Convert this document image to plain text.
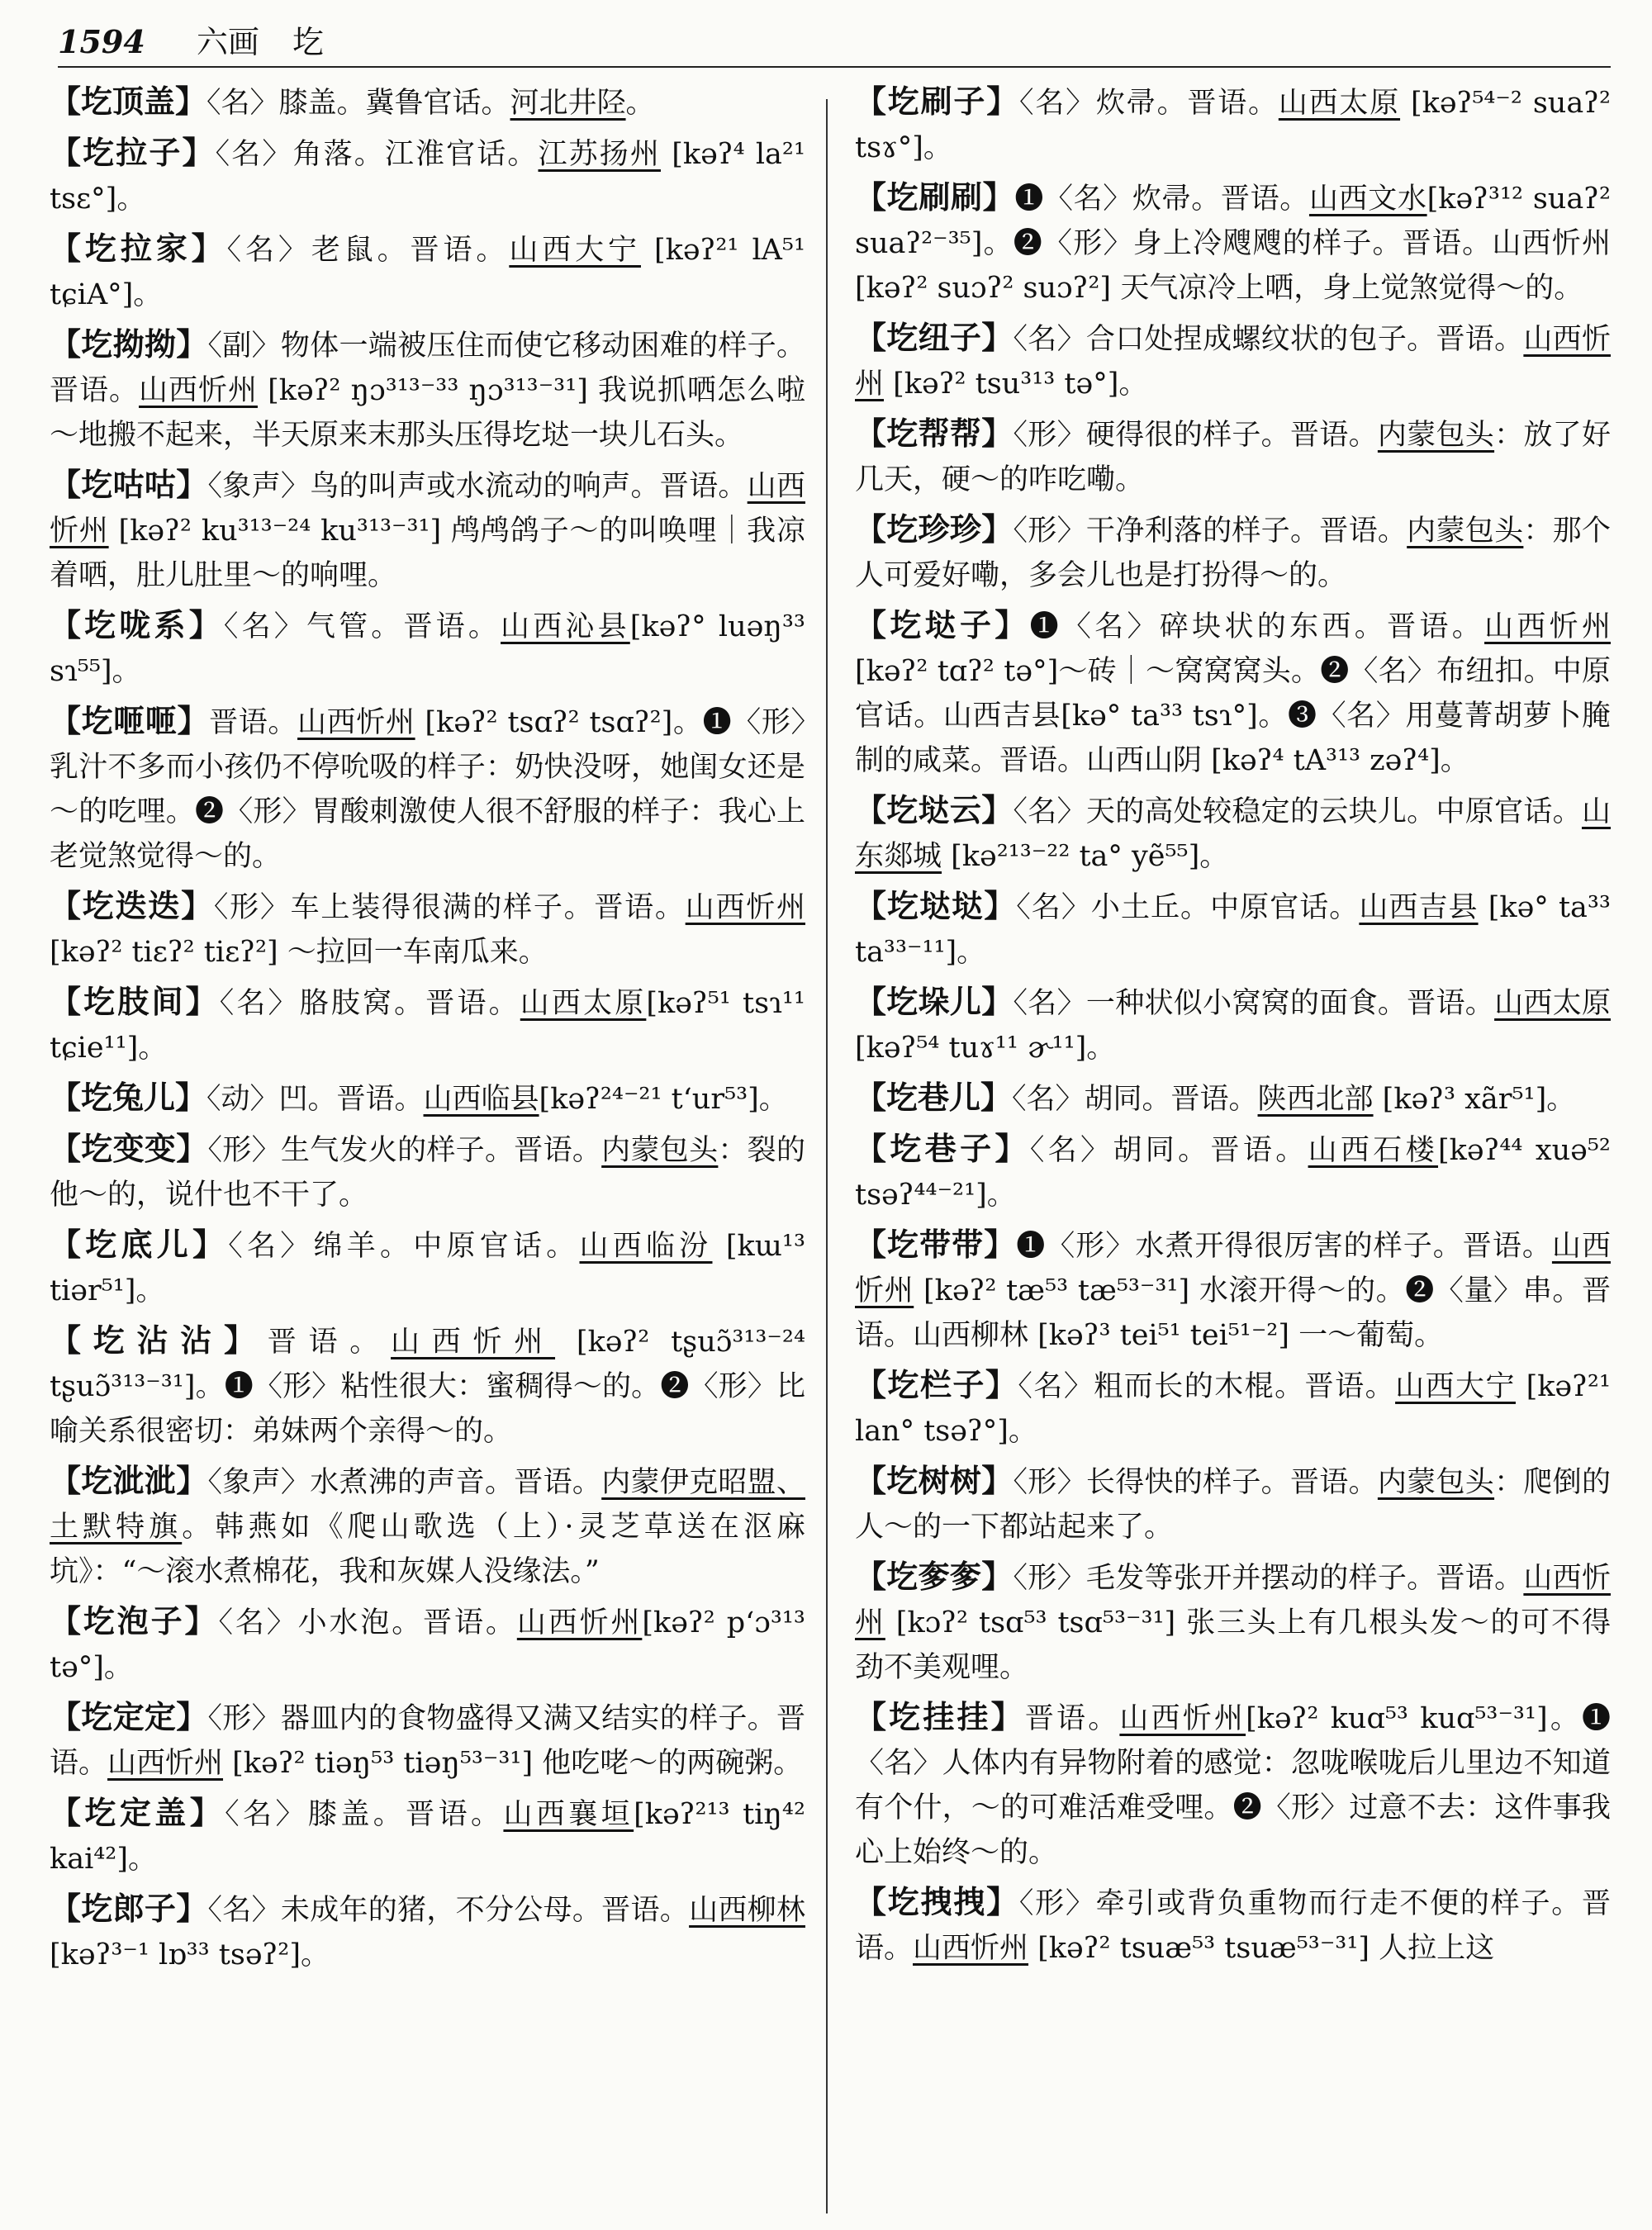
1594 六画 圪

【圪顶盖】〈名〉膝盖。冀鲁官话。河北井陉。

【圪拉子】〈名〉角落。江淮官话。江苏扬州 [kəʔ⁴ la²¹ tsɛ°]。

【圪拉家】〈名〉老鼠。晋语。山西大宁 [kəʔ²¹ lA⁵¹ tɕiA°]。

【圪拗拗】〈副〉物体一端被压住而使它移动困难的样子。晋语。山西忻州 [kəʔ² ŋɔ³¹³⁻³³ ŋɔ³¹³⁻³¹] 我说抓哂怎么啦～地搬不起来，半天原来末那头压得圪垯一块儿石头。

【圪咕咕】〈象声〉鸟的叫声或水流动的响声。晋语。山西忻州 [kəʔ² ku³¹³⁻²⁴ ku³¹³⁻³¹] 鸬鸬鸽子～的叫唤哩｜我凉着哂，肚儿肚里～的响哩。

【圪咙系】〈名〉气管。晋语。山西沁县[kəʔ° luəŋ³³ sɿ⁵⁵]。

【圪咂咂】晋语。山西忻州 [kəʔ² tsɑʔ² tsɑʔ²]。❶〈形〉乳汁不多而小孩仍不停吮吸的样子：奶快没呀，她闺女还是～的吃哩。❷〈形〉胃酸刺激使人很不舒服的样子：我心上老觉煞觉得～的。

【圪迭迭】〈形〉车上装得很满的样子。晋语。山西忻州 [kəʔ² tiɛʔ² tiɛʔ²] ～拉回一车南瓜来。

【圪肢间】〈名〉胳肢窝。晋语。山西太原[kəʔ⁵¹ tsɿ¹¹ tɕie¹¹]。

【圪兔儿】〈动〉凹。晋语。山西临县[kəʔ²⁴⁻²¹ tʻur⁵³]。

【圪变变】〈形〉生气发火的样子。晋语。内蒙包头：裂的他～的，说什也不干了。

【圪底儿】〈名〉绵羊。中原官话。山西临汾 [kɯ¹³ tiər⁵¹]。

【圪沾沾】晋语。山西忻州 [kəʔ² tʂuɔ̃³¹³⁻²⁴ tʂuɔ̃³¹³⁻³¹]。❶〈形〉粘性很大：蜜稠得～的。❷〈形〉比喻关系很密切：弟妹两个亲得～的。

【圪泚泚】〈象声〉水煮沸的声音。晋语。内蒙伊克昭盟、土默特旗。韩燕如《爬山歌选（上）·灵芝草送在沤麻坑》：“～滚水煮棉花，我和灰媒人没缘法。”

【圪泡子】〈名〉小水泡。晋语。山西忻州[kəʔ² pʻɔ³¹³ tə°]。

【圪定定】〈形〉器皿内的食物盛得又满又结实的样子。晋语。山西忻州 [kəʔ² tiəŋ⁵³ tiəŋ⁵³⁻³¹] 他吃咾～的两碗粥。

【圪定盖】〈名〉膝盖。晋语。山西襄垣[kəʔ²¹³ tiŋ⁴² kai⁴²]。

【圪郎子】〈名〉未成年的猪，不分公母。晋语。山西柳林 [kəʔ³⁻¹ lɒ³³ tsəʔ²]。

【圪刷子】〈名〉炊帚。晋语。山西太原 [kəʔ⁵⁴⁻² suaʔ² tsɤ°]。

【圪刷刷】❶〈名〉炊帚。晋语。山西文水[kəʔ³¹² suaʔ² suaʔ²⁻³⁵]。❷〈形〉身上冷飕飕的样子。晋语。山西忻州 [kəʔ² suɔʔ² suɔʔ²] 天气凉冷上哂，身上觉煞觉得～的。

【圪纽子】〈名〉合口处捏成螺纹状的包子。晋语。山西忻州 [kəʔ² tsu³¹³ tə°]。

【圪帮帮】〈形〉硬得很的样子。晋语。内蒙包头：放了好几天，硬～的咋吃嘞。

【圪珍珍】〈形〉干净利落的样子。晋语。内蒙包头：那个人可爱好嘞，多会儿也是打扮得～的。

【圪垯子】❶〈名〉碎块状的东西。晋语。山西忻州 [kəʔ² tɑʔ² tə°]～砖｜～窝窝窝头。❷〈名〉布纽扣。中原官话。山西吉县[kə° ta³³ tsɿ°]。❸〈名〉用蔓菁胡萝卜腌制的咸菜。晋语。山西山阴 [kəʔ⁴ tA³¹³ zəʔ⁴]。

【圪垯云】〈名〉天的高处较稳定的云块儿。中原官话。山东郯城 [kə²¹³⁻²² ta° yẽ⁵⁵]。

【圪垯垯】〈名〉小土丘。中原官话。山西吉县 [kə° ta³³ ta³³⁻¹¹]。

【圪垛儿】〈名〉一种状似小窝窝的面食。晋语。山西太原 [kəʔ⁵⁴ tuɤ¹¹ ɚ¹¹]。

【圪巷儿】〈名〉胡同。晋语。陕西北部 [kəʔ³ xãr⁵¹]。

【圪巷子】〈名〉胡同。晋语。山西石楼[kəʔ⁴⁴ xuə⁵² tsəʔ⁴⁴⁻²¹]。

【圪带带】❶〈形〉水煮开得很厉害的样子。晋语。山西忻州 [kəʔ² tæ⁵³ tæ⁵³⁻³¹] 水滚开得～的。❷〈量〉串。晋语。山西柳林 [kəʔ³ tei⁵¹ tei⁵¹⁻²] 一～葡萄。

【圪栏子】〈名〉粗而长的木棍。晋语。山西大宁 [kəʔ²¹ lan° tsəʔ°]。

【圪树树】〈形〉长得快的样子。晋语。内蒙包头：爬倒的人～的一下都站起来了。

【圪奓奓】〈形〉毛发等张开并摆动的样子。晋语。山西忻州 [kɔʔ² tsɑ⁵³ tsɑ⁵³⁻³¹] 张三头上有几根头发～的可不得劲不美观哩。

【圪挂挂】晋语。山西忻州[kəʔ² kuɑ⁵³ kuɑ⁵³⁻³¹]。❶〈名〉人体内有异物附着的感觉：忽咙喉咙后儿里边不知道有个什，～的可难活难受哩。❷〈形〉过意不去：这件事我心上始终～的。

【圪拽拽】〈形〉牵引或背负重物而行走不便的样子。晋语。山西忻州 [kəʔ² tsuæ⁵³ tsuæ⁵³⁻³¹] 人拉上这
